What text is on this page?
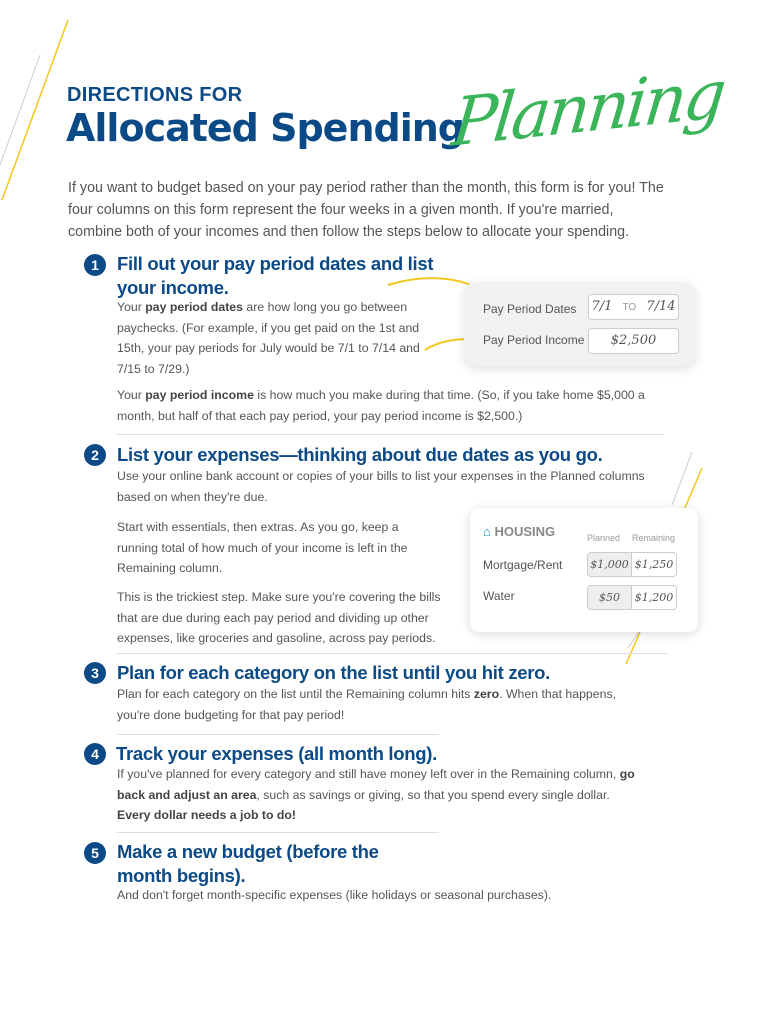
DIRECTIONS FOR
Allocated Spending
Planning
If you want to budget based on your pay period rather than the month, this form is for you! The four columns on this form represent the four weeks in a given month. If you're married, combine both of your incomes and then follow the steps below to allocate your spending.
1 Fill out your pay period dates and list
your income.
Your pay period dates are how long you go between paychecks. (For example, if you get paid on the 1st and 15th, your pay periods for July would be 7/1 to 7/14 and 7/15 to 7/29.)
Your pay period income is how much you make during that time. (So, if you take home $5,000 a month, but half of that each pay period, your pay period income is $2,500.)
Pay Period Dates 7/1 TO 7/14
Pay Period Income	$2,500
2 List your expenses—thinking about due dates as you go.
Use your online bank account or copies of your bills to list your expenses in the Planned columns based on when they're due.
Start with essentials, then extras. As you go, keep a running total of how much of your income is left in the Remaining column.
This is the trickiest step. Make sure you're covering the bills that are due during each pay period and dividing up other expenses, like groceries and gasoline, across pay periods.
⌂ HOUSING	Planned Remaining
Mortgage/Rent	$1,000 $1,250
Water	$50	$1,200
3 Plan for each category on the list until you hit zero.
Plan for each category on the list until the Remaining column hits zero. When that happens, you're done budgeting for that pay period!
4 Track your expenses (all month long).
If you've planned for every category and still have money left over in the Remaining column, go back and adjust an area, such as savings or giving, so that you spend every single dollar. Every dollar needs a job to do!
5 Make a new budget (before the
month begins).
And don't forget month-specific expenses (like holidays or seasonal purchases).
